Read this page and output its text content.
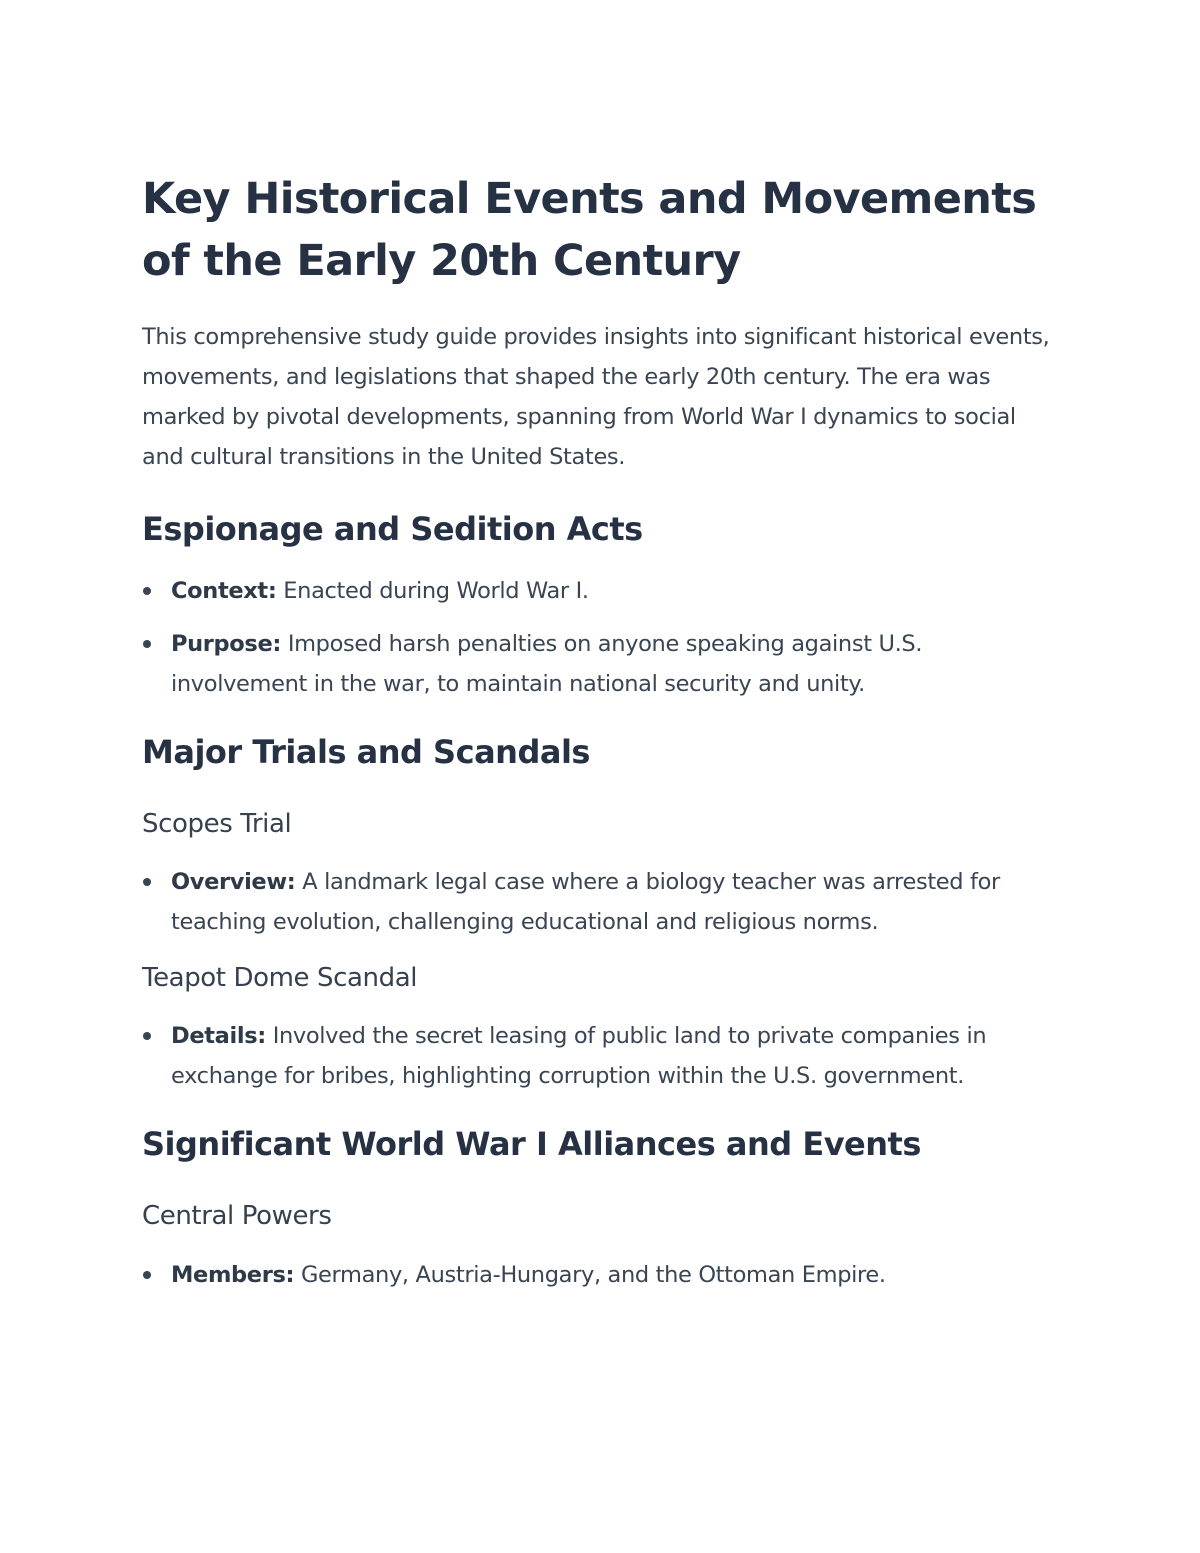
Key Historical Events and Movements of the Early 20th Century

This comprehensive study guide provides insights into significant historical events, movements, and legislations that shaped the early 20th century. The era was marked by pivotal developments, spanning from World War I dynamics to social and cultural transitions in the United States.

Espionage and Sedition Acts
Context: Enacted during World War I.
Purpose: Imposed harsh penalties on anyone speaking against U.S. involvement in the war, to maintain national security and unity.
Major Trials and Scandals
Scopes Trial
Overview: A landmark legal case where a biology teacher was arrested for teaching evolution, challenging educational and religious norms.
Teapot Dome Scandal
Details: Involved the secret leasing of public land to private companies in exchange for bribes, highlighting corruption within the U.S. government.
Significant World War I Alliances and Events
Central Powers
Members: Germany, Austria-Hungary, and the Ottoman Empire.
